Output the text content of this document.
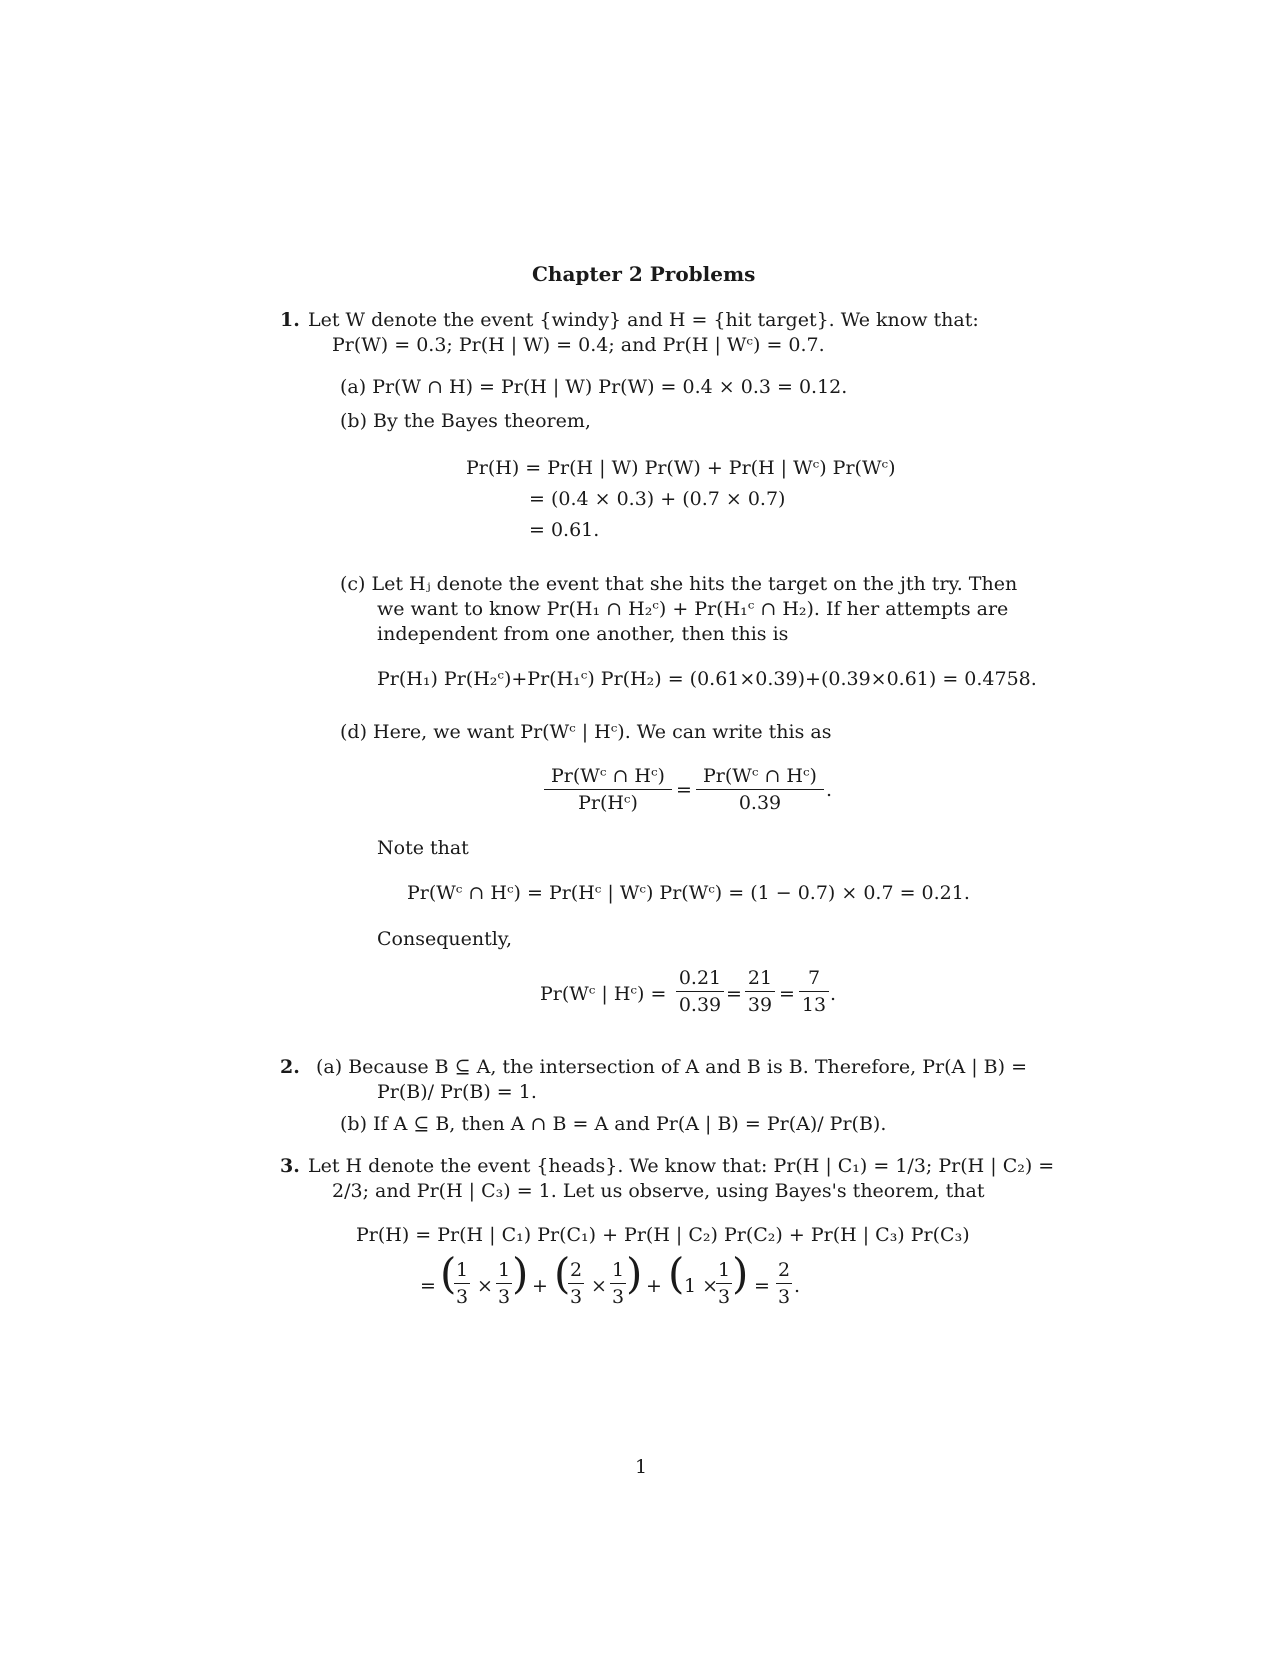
Chapter 2 Problems
1. Let W denote the event {windy} and H = {hit target}. We know that:
Pr(W) = 0.3; Pr(H | W) = 0.4; and Pr(H | Wᶜ) = 0.7.
(a) Pr(W ∩ H) = Pr(H | W) Pr(W) = 0.4 × 0.3 = 0.12.
(b) By the Bayes theorem,
Pr(H) = Pr(H | W) Pr(W) + Pr(H | Wᶜ) Pr(Wᶜ)
= (0.4 × 0.3) + (0.7 × 0.7)
= 0.61.
(c) Let Hⱼ denote the event that she hits the target on the jth try. Then
we want to know Pr(H₁ ∩ H₂ᶜ) + Pr(H₁ᶜ ∩ H₂). If her attempts are
independent from one another, then this is
Pr(H₁) Pr(H₂ᶜ)+Pr(H₁ᶜ) Pr(H₂) = (0.61×0.39)+(0.39×0.61) = 0.4758.
(d) Here, we want Pr(Wᶜ | Hᶜ). We can write this as
Pr(Wᶜ ∩ Hᶜ)
Pr(Hᶜ)
=
Pr(Wᶜ ∩ Hᶜ)
0.39
.
Note that
Pr(Wᶜ ∩ Hᶜ) = Pr(Hᶜ | Wᶜ) Pr(Wᶜ) = (1 − 0.7) × 0.7 = 0.21.
Consequently,
Pr(Wᶜ | Hᶜ) =
0.21
0.39 =
21
39 =
7
13 .
2. (a) Because B ⊆ A, the intersection of A and B is B. Therefore, Pr(A | B) =
Pr(B)/ Pr(B) = 1.
(b) If A ⊆ B, then A ∩ B = A and Pr(A | B) = Pr(A)/ Pr(B).
3. Let H denote the event {heads}. We know that: Pr(H | C₁) = 1/3; Pr(H | C₂) =
2/3; and Pr(H | C₃) = 1. Let us observe, using Bayes's theorem, that
Pr(H) = Pr(H | C₁) Pr(C₁) + Pr(H | C₂) Pr(C₂) + Pr(H | C₃) Pr(C₃)
= ( 1
3 ×
1
3 ) + ( 2
3 ×
1
3 ) + ( 1 ×
1
3 ) =
2
3 .
1
